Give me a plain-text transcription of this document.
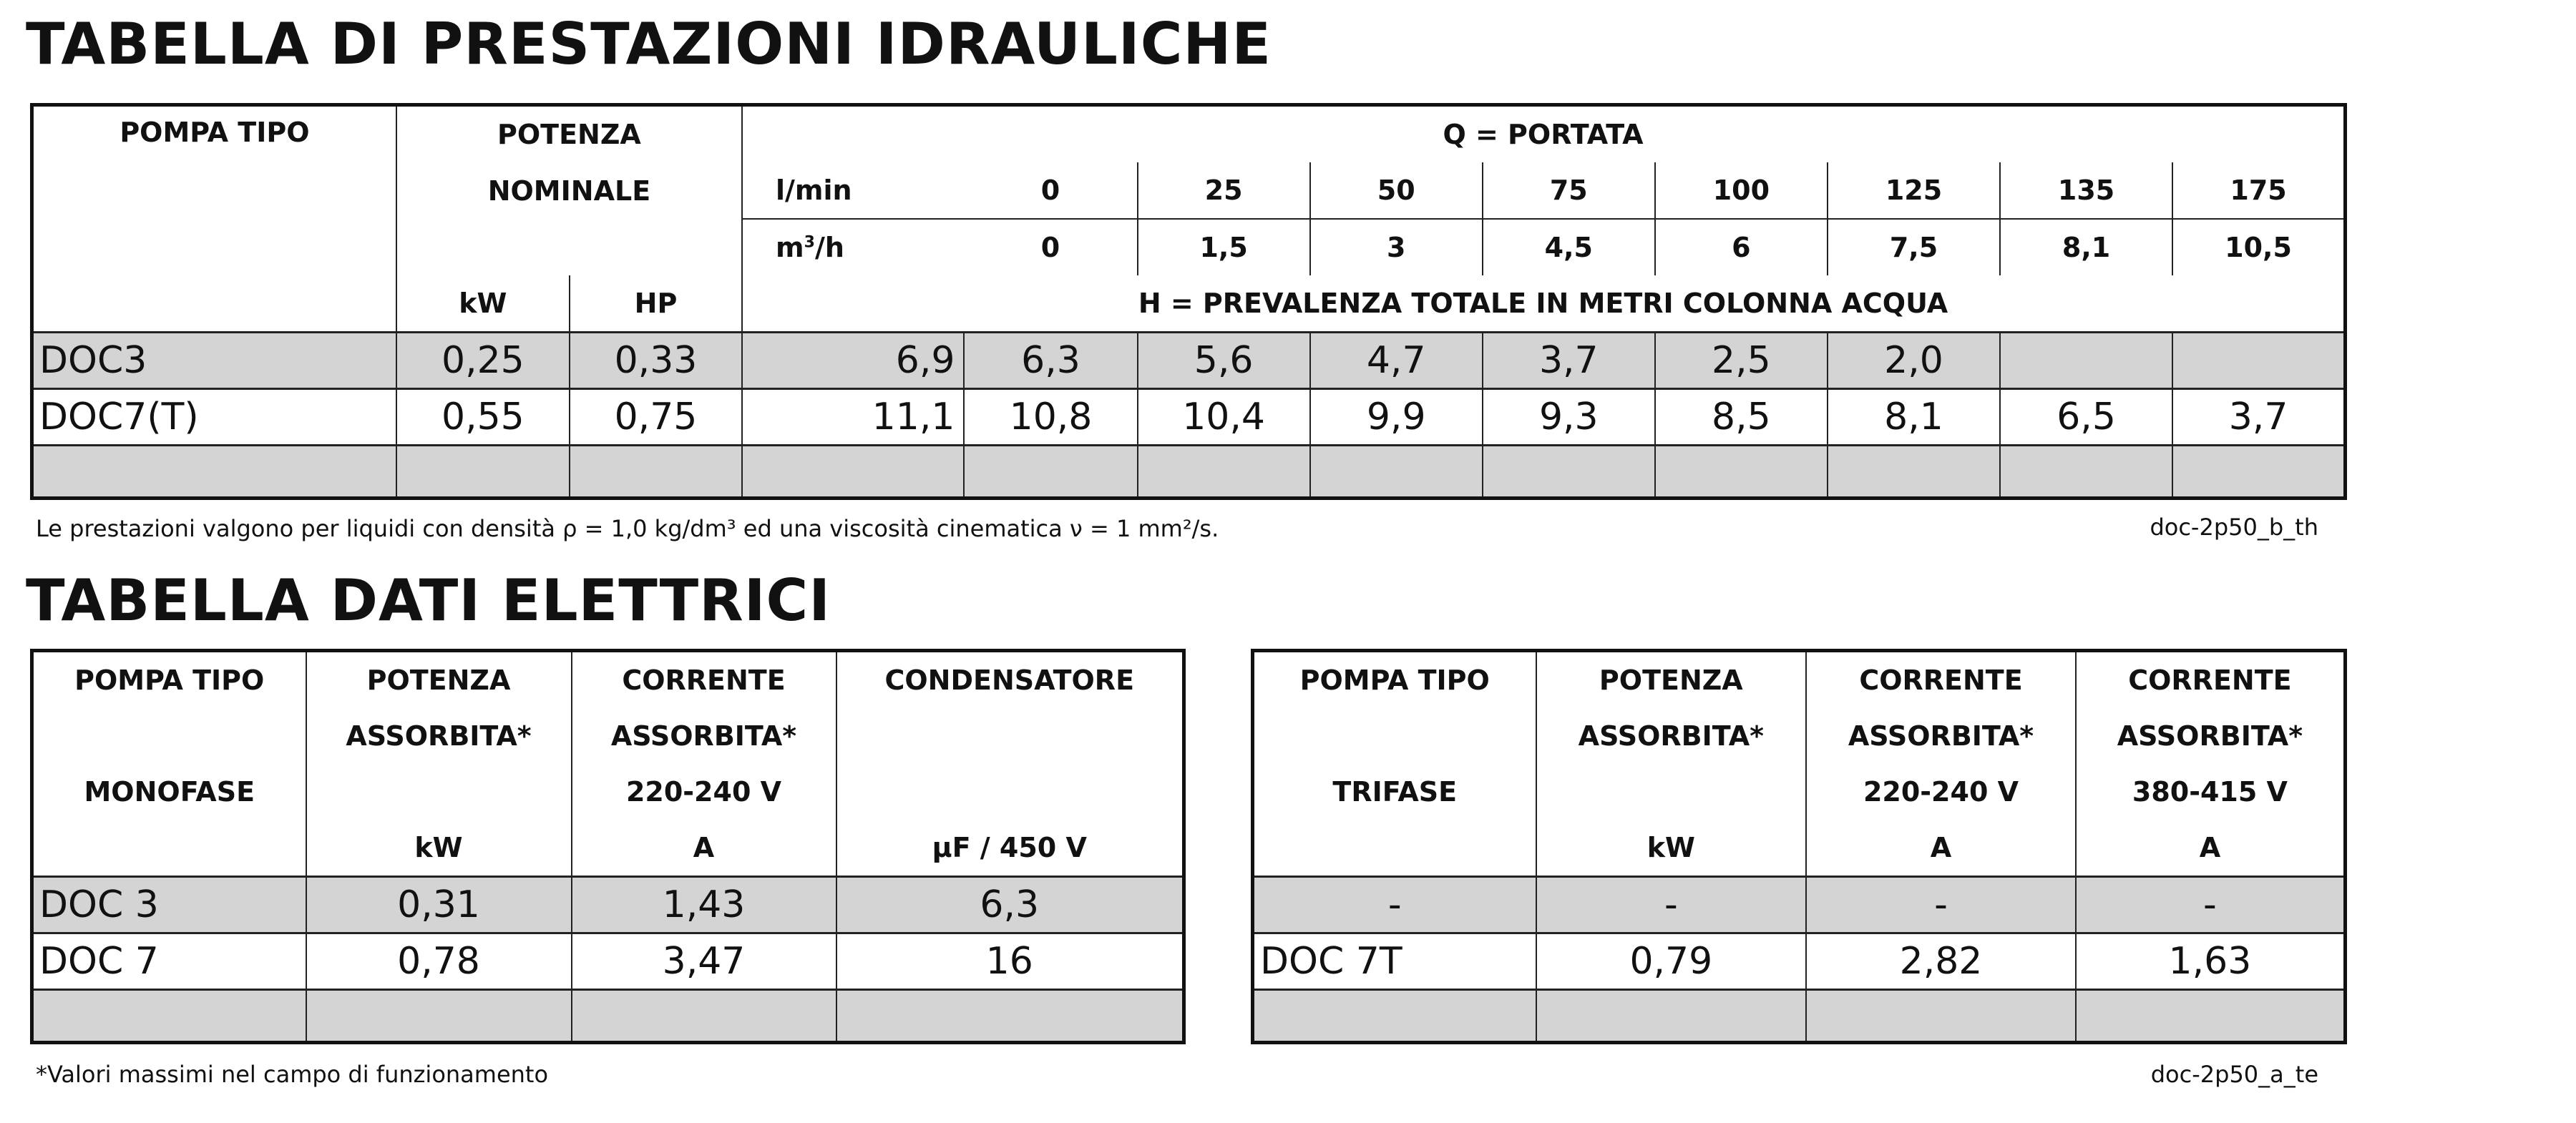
TABELLA DI PRESTAZIONI IDRAULICHE
POMPA TIPO	POTENZA		Q = PORTATA								
	NOMINALE		l/min	0	25	50	75	100	125	135	175
			$m^3/h$	0	1,5	3	4,5	6	7,5	8,1	10,5
	kW	HP	H = PREVALENZA TOTALE IN METRI COLONNA ACQUA								
DOC3	0,25	0,33	6,9	6,3	5,6	4,7	3,7	2,5	2,0		
DOC7(T)	0,55	0,75	11,1	10,8	10,4	9,9	9,3	8,5	8,1	6,5	3,7

Le prestazioni valgono per liquidi con densità ρ = 1,0 kg/dm³ ed una viscosità cinematica ν = 1 mm²/s.	doc-2p50_b_th
TABELLA DATI ELETTRICI
POMPA TIPO	POTENZA	CORRENTE	CONDENSATORE
	ASSORBITA*	ASSORBITA*	
MONOFASE		220-240 V	
	kW	A	μF / 450 V
DOC 3	0,31	1,43	6,3
DOC 7	0,78	3,47	16

POMPA TIPO	POTENZA	CORRENTE	CORRENTE
	ASSORBITA*	ASSORBITA*	ASSORBITA*
TRIFASE		220-240 V	380-415 V
	kW	A	A
-	-	-	-
DOC 7T	0,79	2,82	1,63

*Valori massimi nel campo di funzionamento	doc-2p50_a_te
